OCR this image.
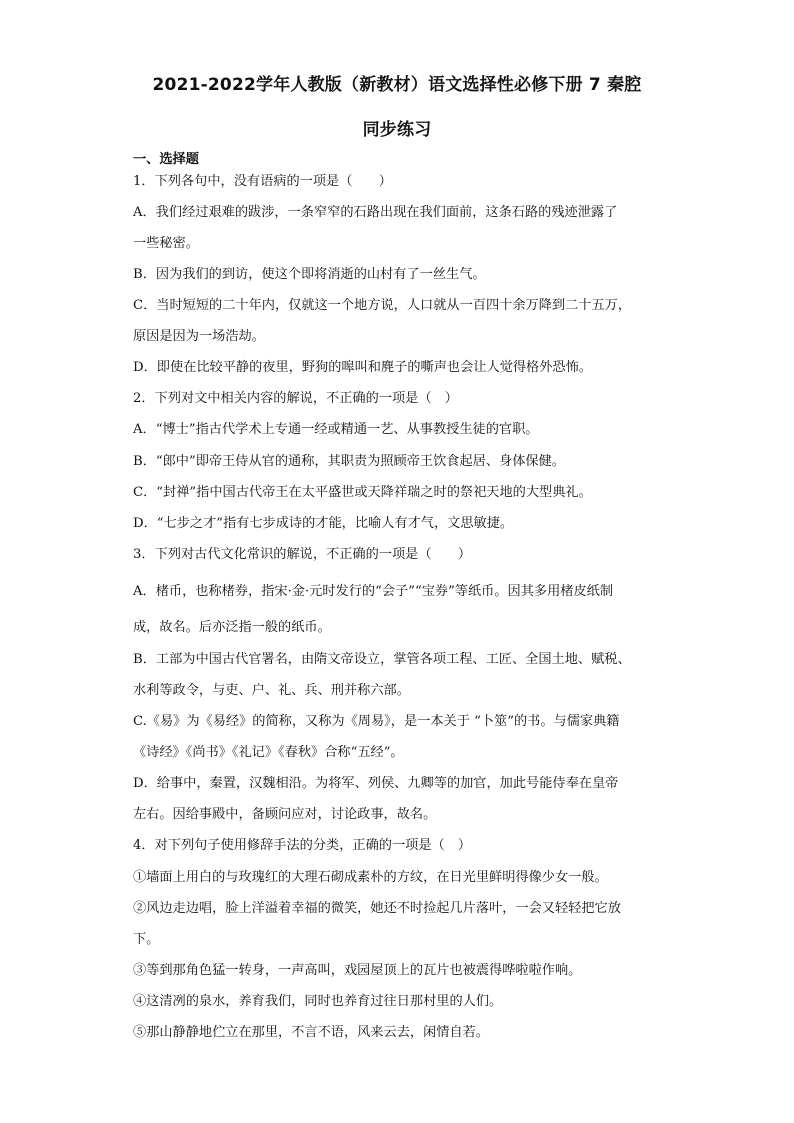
2021-2022学年人教版（新教材）语文选择性必修下册 7 秦腔
同步练习
一、选择题
1．下列各句中，没有语病的一项是（　　）
A．我们经过艰难的跋涉，一条窄窄的石路出现在我们面前，这条石路的残迹泄露了
一些秘密。
B．因为我们的到访，使这个即将消逝的山村有了一丝生气。
C．当时短短的二十年内，仅就这一个地方说，人口就从一百四十余万降到二十五万，
原因是因为一场浩劫。
D．即使在比较平静的夜里，野狗的嗥叫和麂子的嘶声也会让人觉得格外恐怖。
2．下列对文中相关内容的解说，不正确的一项是（　）
A．“博士”指古代学术上专通一经或精通一艺、从事教授生徒的官职。
B．“郎中”即帝王侍从官的通称，其职责为照顾帝王饮食起居、身体保健。
C．“封禅”指中国古代帝王在太平盛世或天降祥瑞之时的祭祀天地的大型典礼。
D．“七步之才”指有七步成诗的才能，比喻人有才气，文思敏捷。
3．下列对古代文化常识的解说，不正确的一项是（　　）
A．楮币，也称楮券，指宋·金·元时发行的“会子”“宝券”等纸币。因其多用楮皮纸制
成，故名。后亦泛指一般的纸币。
B．工部为中国古代官署名，由隋文帝设立，掌管各项工程、工匠、全国土地、赋税、
水利等政令，与吏、户、礼、兵、刑并称六部。
C.《易》为《易经》的简称，又称为《周易》，是一本关于 “卜筮”的书。与儒家典籍
《诗经》《尚书》《礼记》《春秋》合称“五经”。
D．给事中，秦置，汉魏相沿。为将军、列侯、九卿等的加官，加此号能侍奉在皇帝
左右。因给事殿中，备顾问应对，讨论政事，故名。
4．对下列句子使用修辞手法的分类，正确的一项是（　）
①墙面上用白的与玫瑰红的大理石砌成素朴的方纹，在日光里鲜明得像少女一般。
②风边走边唱，脸上洋溢着幸福的微笑，她还不时捡起几片落叶，一会又轻轻把它放
下。
③等到那角色猛一转身，一声高叫，戏园屋顶上的瓦片也被震得哗啦啦作响。
④这清冽的泉水，养育我们，同时也养育过往日那村里的人们。
⑤那山静静地伫立在那里，不言不语，风来云去，闲情自若。
